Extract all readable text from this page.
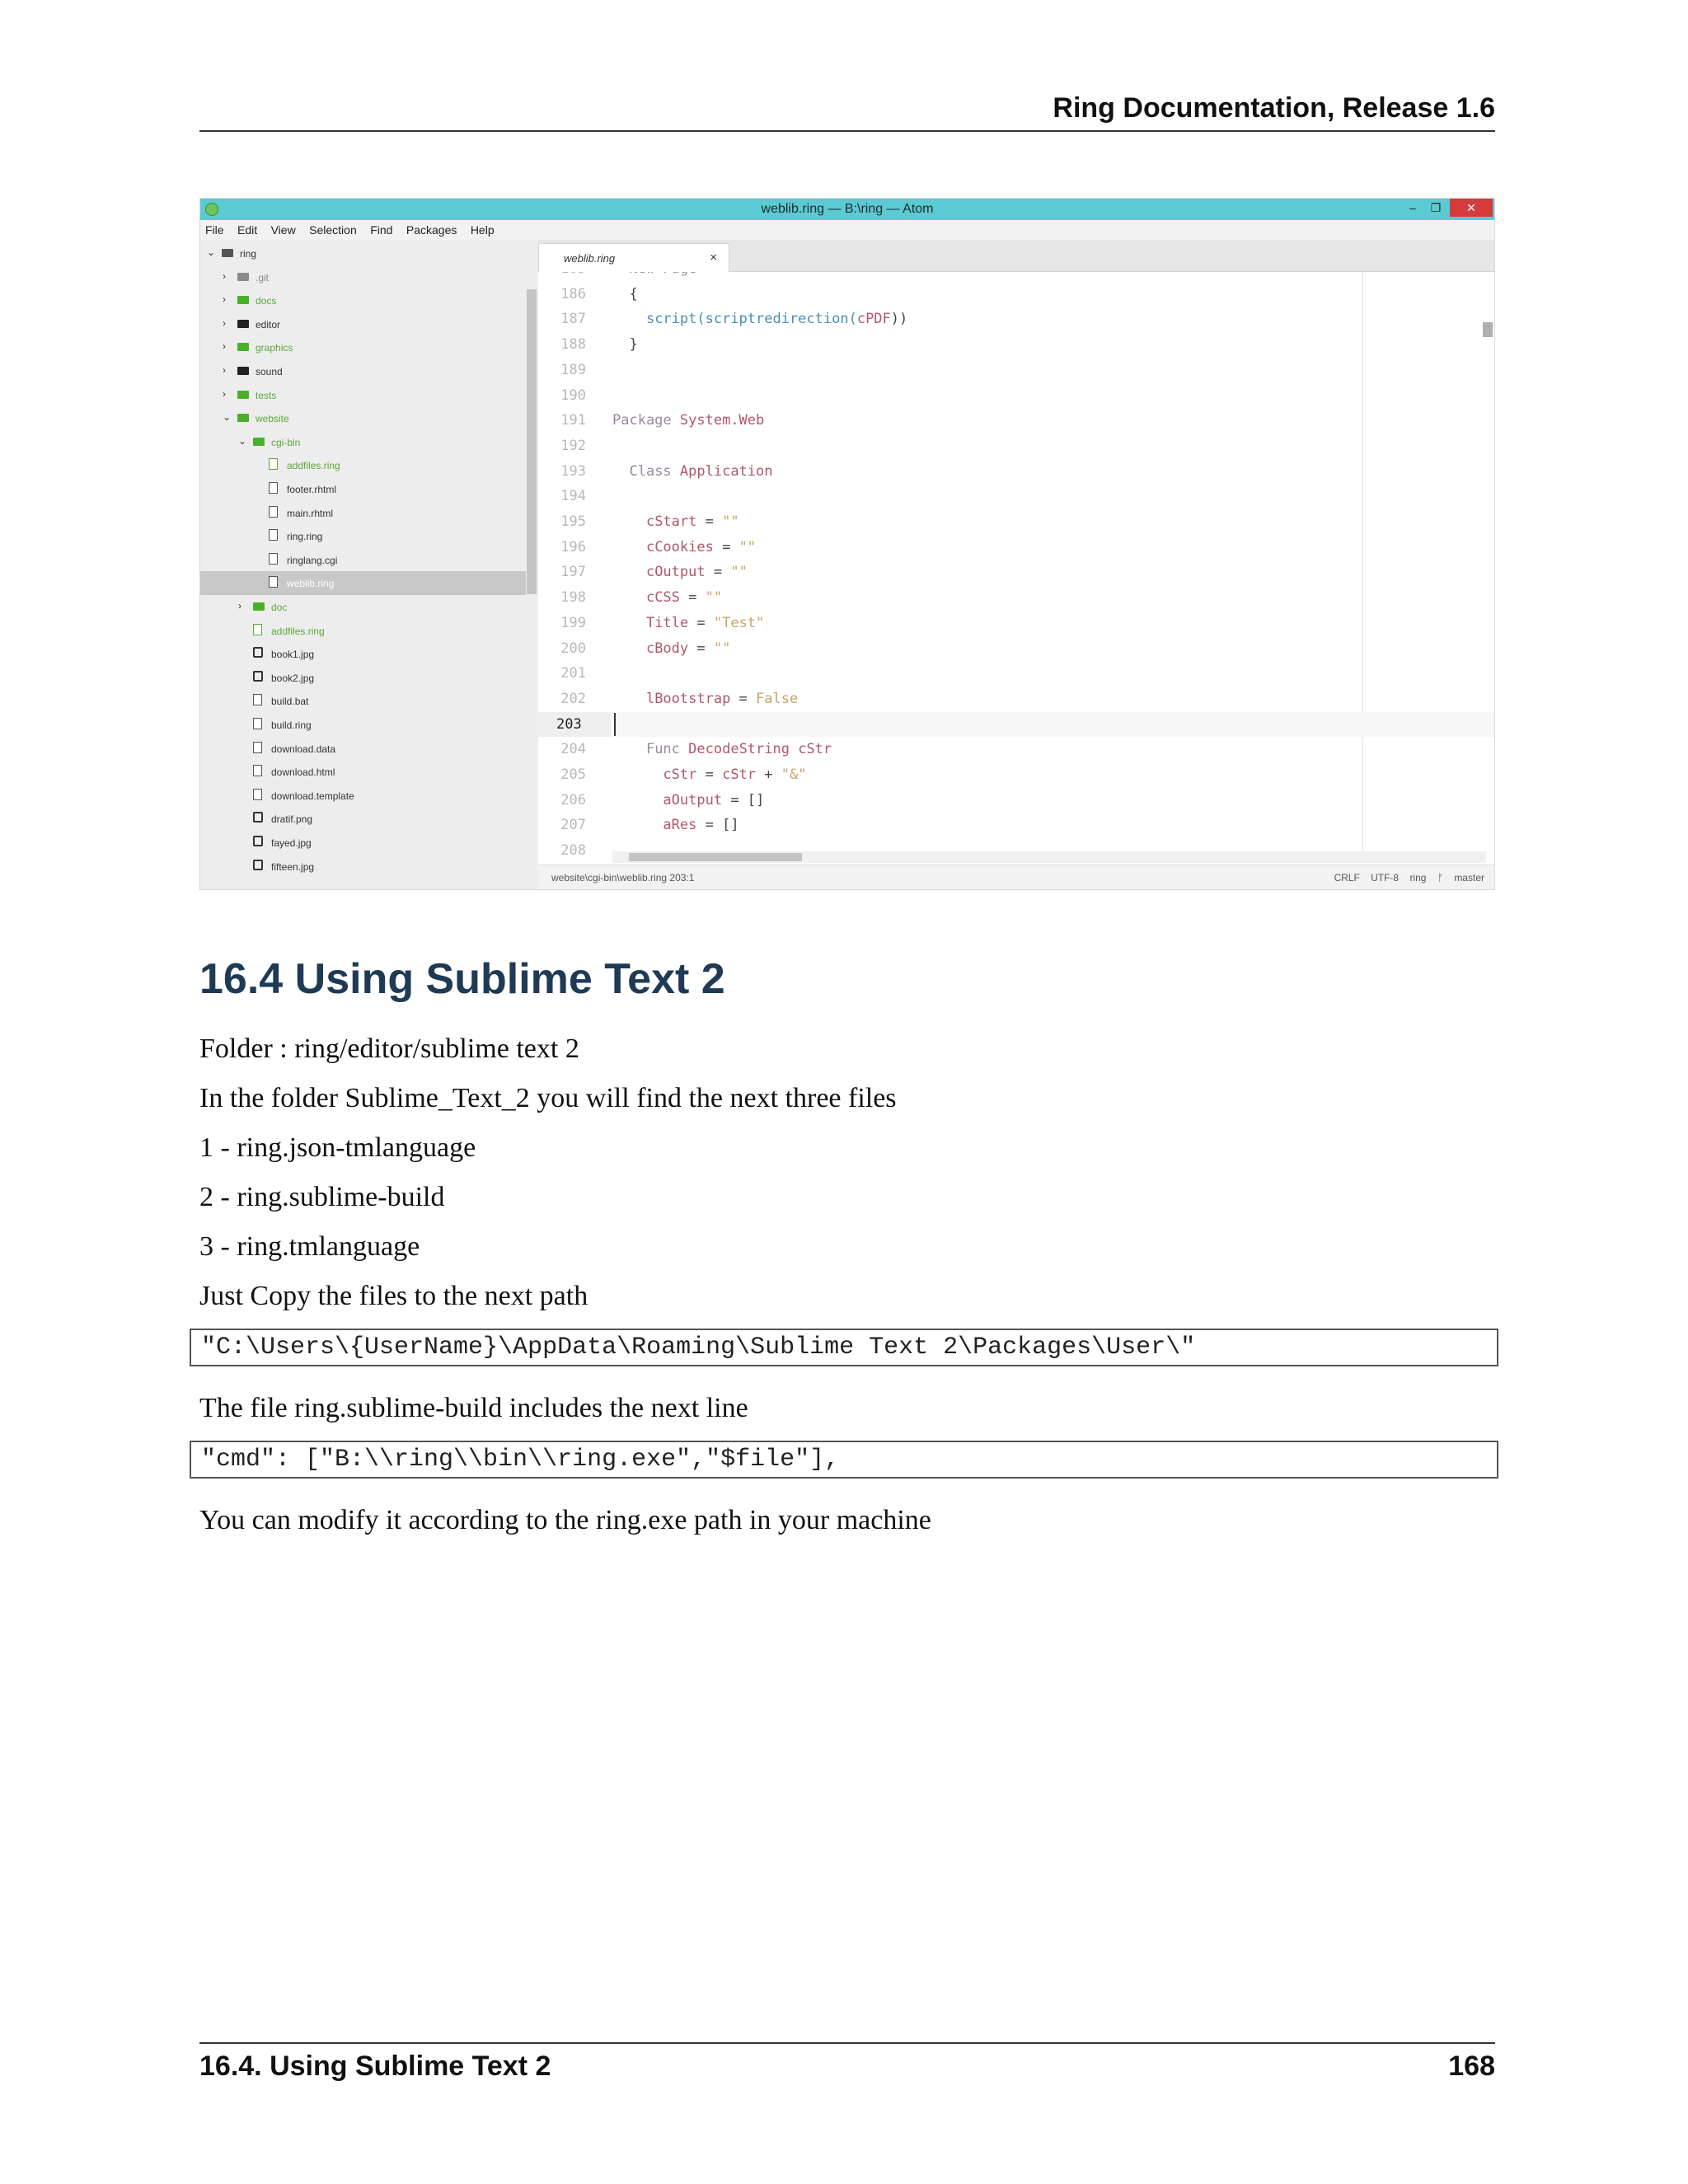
Ring Documentation, Release 1.6
weblib.ring — B:\ring — Atom	–	❐	✕
File Edit View Selection Find Packages Help
⌄ ring
›	.git
›	docs
›	editor
›	graphics
›	sound
›	tests
⌄ website
⌄ cgi-bin
addfiles.ring
footer.rhtml
main.rhtml
ring.ring
ringlang.cgi
weblib.ring
›	doc
addfiles.ring
book1.jpg
book2.jpg
build.bat
build.ring
download.data
download.html
download.template
dratif.png
fayed.jpg
fifteen.jpg
weblib.ring	×

186 {
187	script(scriptredirection(cPDF))
188 }
189
190
191 Package System.Web
192
193	Class Application
194
195	cStart = ""
196	cCookies = ""
197	cOutput = ""
198	cCSS = ""
199	Title = "Test"
200	cBody = ""
201
202	lBootstrap = False
203
204	Func DecodeString cStr
205	cStr = cStr + "&"
206	aOutput = []
207	aRes = []
208
website\cgi-bin\weblib.ring 203:1	CRLF UTF-8 ring ᚠ master
16.4 Using Sublime Text 2
Folder : ring/editor/sublime text 2
In the folder Sublime_Text_2 you will find the next three files
1 - ring.json-tmlanguage
2 - ring.sublime-build
3 - ring.tmlanguage
Just Copy the files to the next path
"C:\Users\{UserName}\AppData\Roaming\Sublime Text 2\Packages\User\"
The file ring.sublime-build includes the next line
"cmd": ["B:\\ring\\bin\\ring.exe","$file"],
You can modify it according to the ring.exe path in your machine
16.4. Using Sublime Text 2	168
